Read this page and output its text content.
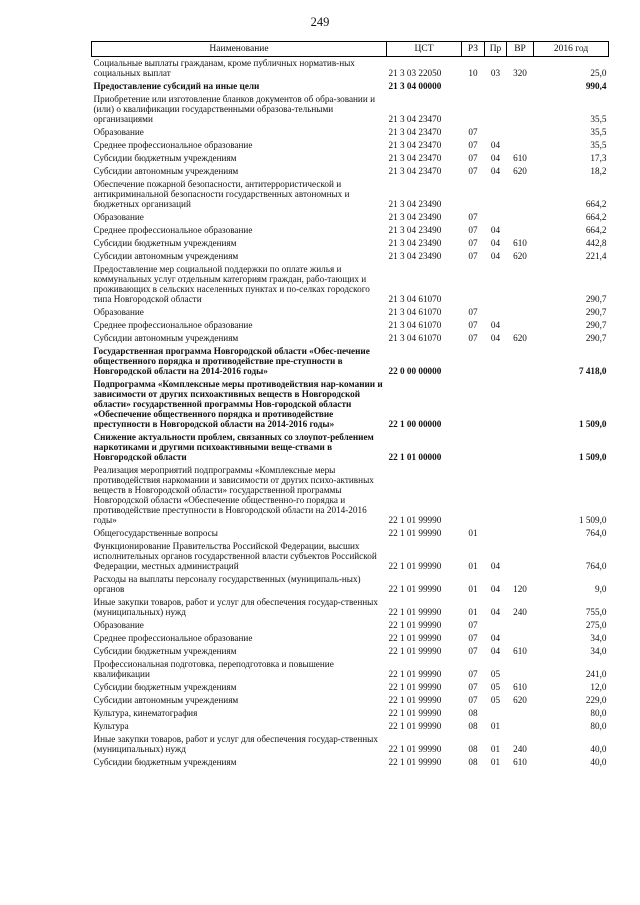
249
Наименование	ЦСТ	РЗ	Пр	ВР	2016 год
Социальные выплаты гражданам, кроме публичных норматив-ных социальных выплат	21 3 03 22050	10	03	320	25,0
Предоставление субсидий на иные цели	21 3 04 00000				990,4
Приобретение или изготовление бланков документов об обра-зовании и (или) о квалификации государственными образова-тельными организациями	21 3 04 23470				35,5
Образование	21 3 04 23470	07			35,5
Среднее профессиональное образование	21 3 04 23470	07	04		35,5
Субсидии бюджетным учреждениям	21 3 04 23470	07	04	610	17,3
Субсидии автономным учреждениям	21 3 04 23470	07	04	620	18,2
Обеспечение пожарной безопасности, антитеррористической и антикриминальной безопасности государственных автономных и бюджетных организаций	21 3 04 23490				664,2
Образование	21 3 04 23490	07			664,2
Среднее профессиональное образование	21 3 04 23490	07	04		664,2
Субсидии бюджетным учреждениям	21 3 04 23490	07	04	610	442,8
Субсидии автономным учреждениям	21 3 04 23490	07	04	620	221,4
Предоставление мер социальной поддержки по оплате жилья и коммунальных услуг отдельным категориям граждан, рабо-тающих и проживающих в сельских населенных пунктах и по-селках городского типа Новгородской области	21 3 04 61070				290,7
Образование	21 3 04 61070	07			290,7
Среднее профессиональное образование	21 3 04 61070	07	04		290,7
Субсидии автономным учреждениям	21 3 04 61070	07	04	620	290,7
Государственная программа Новгородской области «Обес-печение общественного порядка и противодействие пре-ступности в Новгородской области на 2014-2016 годы»	22 0 00 00000				7 418,0
Подпрограмма «Комплексные меры противодействия нар-комании и зависимости от других психоактивных веществ в Новгородской области» государственной программы Нов-городской области «Обеспечение общественного порядка и противодействие преступности в Новгородской области на 2014-2016 годы»	22 1 00 00000				1 509,0
Снижение актуальности проблем, связанных со злоупот-реблением наркотиками и другими психоактивными веще-ствами в Новгородской области	22 1 01 00000				1 509,0
Реализация мероприятий подпрограммы «Комплексные меры противодействия наркомании и зависимости от других психо-активных веществ в Новгородской области» государственной программы Новгородской области «Обеспечение общественно-го порядка и противодействие преступности в Новгородской области на 2014-2016 годы»	22 1 01 99990				1 509,0
Общегосударственные вопросы	22 1 01 99990	01			764,0
Функционирование Правительства Российской Федерации, высших исполнительных органов государственной власти субъектов Российской Федерации, местных администраций	22 1 01 99990	01	04		764,0
Расходы на выплаты персоналу государственных (муниципаль-ных) органов	22 1 01 99990	01	04	120	9,0
Иные закупки товаров, работ и услуг для обеспечения государ-ственных (муниципальных) нужд	22 1 01 99990	01	04	240	755,0
Образование	22 1 01 99990	07			275,0
Среднее профессиональное образование	22 1 01 99990	07	04		34,0
Субсидии бюджетным учреждениям	22 1 01 99990	07	04	610	34,0
Профессиональная подготовка, переподготовка и повышение квалификации	22 1 01 99990	07	05		241,0
Субсидии бюджетным учреждениям	22 1 01 99990	07	05	610	12,0
Субсидии автономным учреждениям	22 1 01 99990	07	05	620	229,0
Культура, кинематография	22 1 01 99990	08			80,0
Культура	22 1 01 99990	08	01		80,0
Иные закупки товаров, работ и услуг для обеспечения государ-ственных (муниципальных) нужд	22 1 01 99990	08	01	240	40,0
Субсидии бюджетным учреждениям	22 1 01 99990	08	01	610	40,0
